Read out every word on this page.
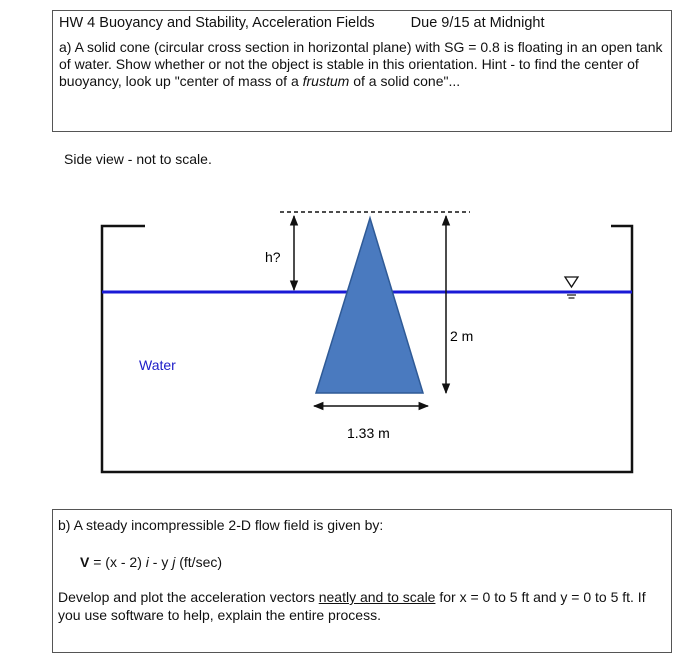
HW 4 Buoyancy and Stability, Acceleration Fields Due 9/15 at Midnight
a) A solid cone (circular cross section in horizontal plane) with SG = 0.8 is floating in an open tank of water. Show whether or not the object is stable in this orientation. Hint - to find the center of buoyancy, look up "center of mass of a frustum of a solid cone"...
Side view - not to scale.
h?
2 m
1.33 m
Water
b) A steady incompressible 2-D flow field is given by:
V = (x - 2) i - y j (ft/sec)
Develop and plot the acceleration vectors neatly and to scale for x = 0 to 5 ft and y = 0 to 5 ft. If you use software to help, explain the entire process.
